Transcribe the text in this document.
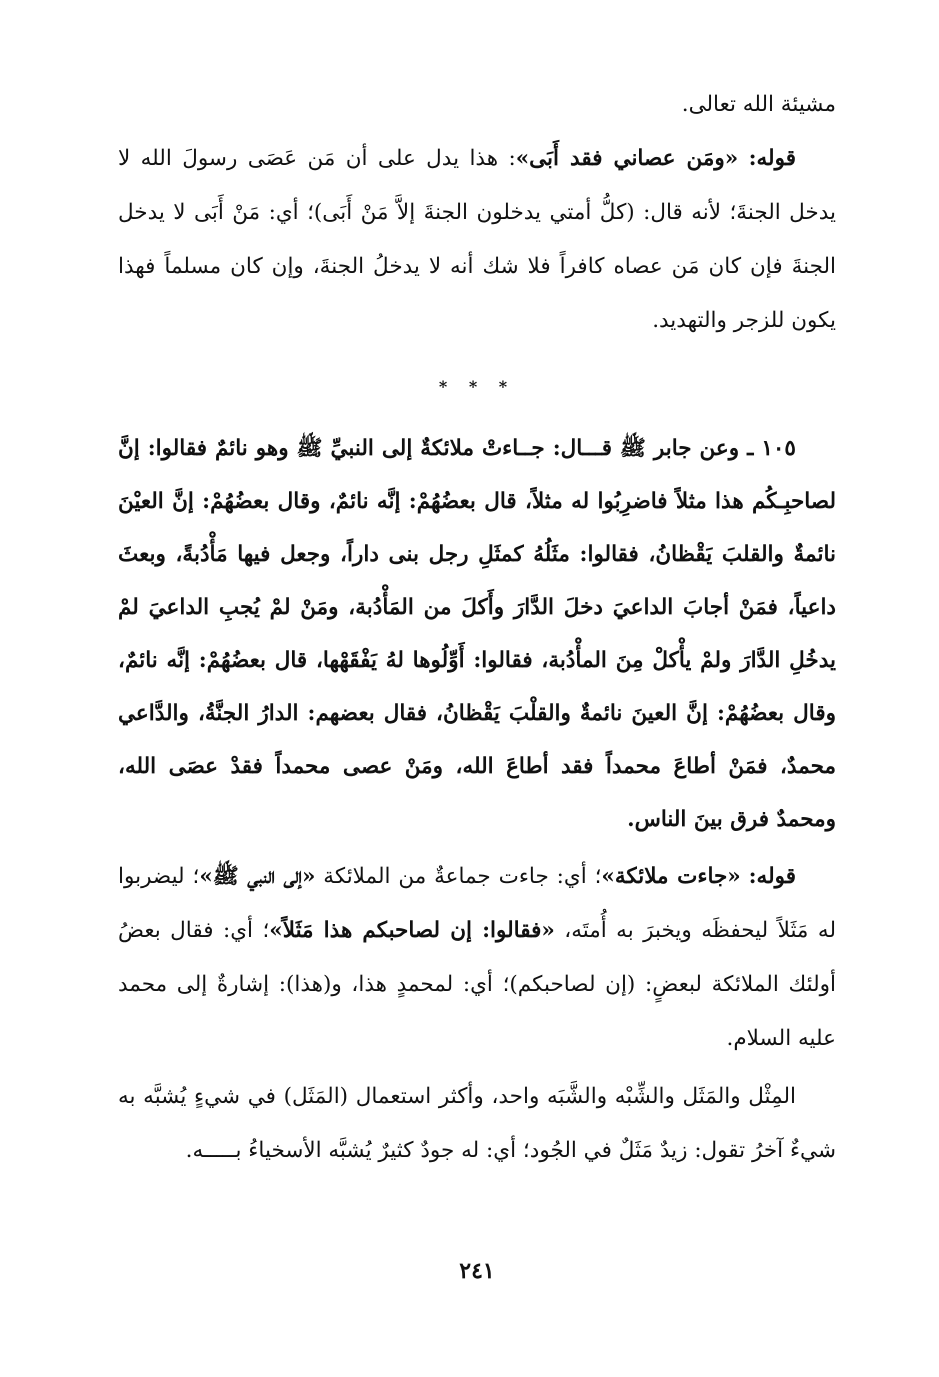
مشيئة الله تعالى.

قوله: «ومَن عصاني فقد أَبَى»: هذا يدل على أن مَن عَصَى رسولَ الله لا يدخل الجنةَ؛ لأنه قال: (كلُّ أمتي يدخلون الجنةَ إلاَّ مَنْ أَبَى)؛ أي: مَنْ أَبَى لا يدخل الجنةَ فإن كان مَن عصاه كافراً فلا شك أنه لا يدخلُ الجنةَ، وإن كان مسلماً فهذا يكون للزجر والتهديد.

* * *

١٠٥ ـ وعن جابر ﷺ قـــال: جــاءتْ ملائكةٌ إلى النبيِّ ﷺ وهو نائمٌ فقالوا: إنَّ لصاحبِـكُم هذا مثلاً فاضرِبُوا له مثلاً، قال بعضُهُمْ: إنَّه نائمٌ، وقال بعضُهُمْ: إنَّ العيْنَ نائمةٌ والقلبَ يَقْظانُ، فقالوا: مثَلُهُ كمثَلِ رجل بنى داراً، وجعل فيها مَأْدُبةً، وبعثَ داعياً، فمَنْ أجابَ الداعيَ دخلَ الدَّارَ وأَكلَ من المَأْدُبة، ومَنْ لمْ يُجبِ الداعيَ لمْ يدخُلِ الدَّارَ ولمْ يأْكلْ مِنَ المأْدُبة، فقالوا: أَوِّلُوها لهُ يَفْقَهْها، قال بعضُهُمْ: إنَّه نائمٌ، وقال بعضُهُمْ: إنَّ العينَ نائمةٌ والقلْبَ يَقْظانُ، فقال بعضهم: الدارُ الجنَّةُ، والدَّاعي محمدٌ، فمَنْ أطاعَ محمداً فقد أطاعَ الله، ومَنْ عصى محمداً فقدْ عصَى الله، ومحمدٌ فرق بينَ الناس.

قوله: «جاءت ملائكة»؛ أي: جاءت جماعةٌ من الملائكة «إلى النبي ﷺ»؛ ليضربوا له مَثَلاً ليحفظَه ويخبرَ به أُمتَه، «فقالوا: إن لصاحبكم هذا مَثَلاً»؛ أي: فقال بعضُ أولئك الملائكة لبعضٍ: (إن لصاحبكم)؛ أي: لمحمدٍ هذا، و(هذا): إشارةٌ إلى محمد عليه السلام.

المِثْل والمَثَل والشِّبْه والشَّبَه واحد، وأكثر استعمال (المَثَل) في شيءٍ يُشبَّه به شيءٌ آخرُ تقول: زيدٌ مَثَلٌ في الجُود؛ أي: له جودٌ كثيرٌ يُشبَّه الأسخياءُ بـــــه.

٢٤١
